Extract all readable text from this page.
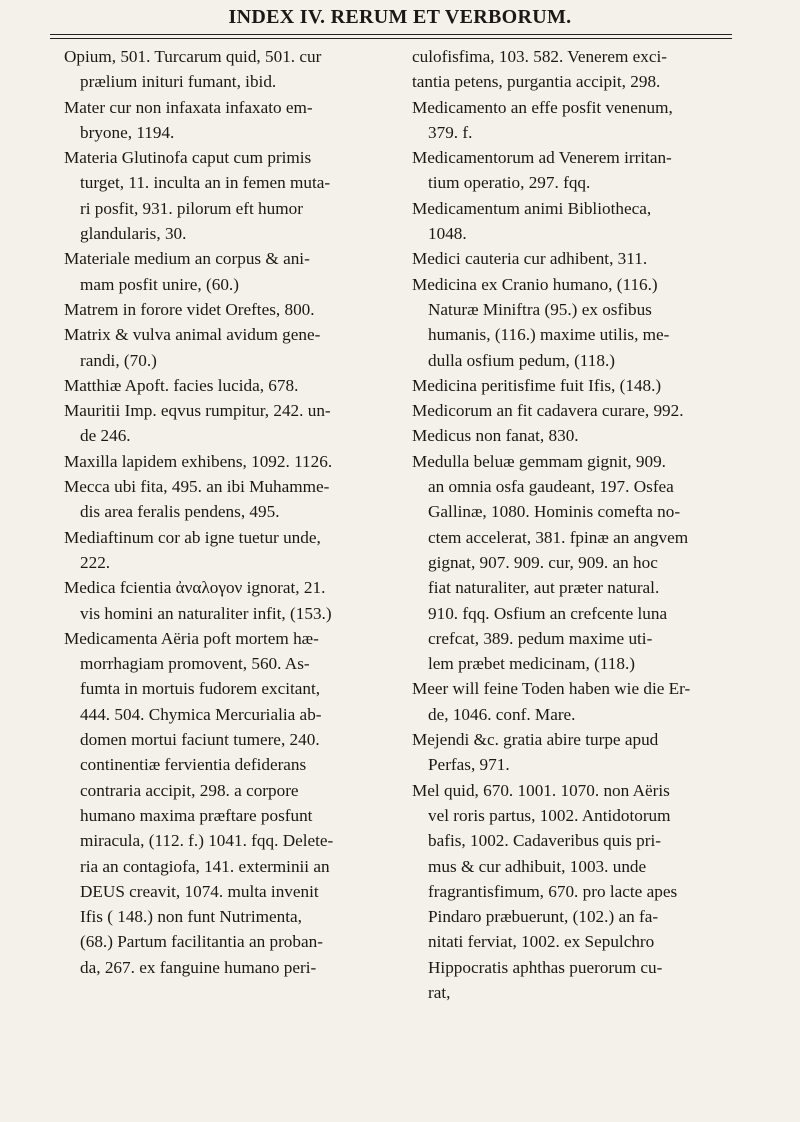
INDEX IV. RERUM ET VERBORUM.
Opium, 501. Turcarum quid, 501. cur
prælium inituri fumant, ibid.
Mater cur non infaxata infaxato em-
bryone, 1194.
Materia Glutinofa caput cum primis
turget, 11. inculta an in femen muta-
ri posfit, 931. pilorum eft humor
glandularis, 30.
Materiale medium an corpus & ani-
mam posfit unire, (60.)
Matrem in forore videt Oreftes, 800.
Matrix & vulva animal avidum gene-
randi, (70.)
Matthiæ Apoft. facies lucida, 678.
Mauritii Imp. eqvus rumpitur, 242. un-
de 246.
Maxilla lapidem exhibens, 1092. 1126.
Mecca ubi fita, 495. an ibi Muhamme-
dis area feralis pendens, 495.
Mediaftinum cor ab igne tuetur unde,
222.
Medica fcientia ἀναλογον ignorat, 21.
vis homini an naturaliter infit, (153.)
Medicamenta Aëria poft mortem hæ-
morrhagiam promovent, 560. As-
fumta in mortuis fudorem excitant,
444. 504. Chymica Mercurialia ab-
domen mortui faciunt tumere, 240.
continentiæ fervientia defiderans
contraria accipit, 298. a corpore
humano maxima præftare posfunt
miracula, (112. f.) 1041. fqq. Delete-
ria an contagiofa, 141. exterminii an
DEUS creavit, 1074. multa invenit
Ifis ( 148.) non funt Nutrimenta,
(68.) Partum facilitantia an proban-
da, 267. ex fanguine humano peri-
culofisfima, 103. 582. Venerem exci-
tantia petens, purgantia accipit, 298.
Medicamento an effe posfit venenum,
379. f.
Medicamentorum ad Venerem irritan-
tium operatio, 297. fqq.
Medicamentum animi Bibliotheca,
1048.
Medici cauteria cur adhibent, 311.
Medicina ex Cranio humano, (116.)
Naturæ Miniftra (95.) ex osfibus
humanis, (116.) maxime utilis, me-
dulla osfium pedum, (118.)
Medicina peritisfime fuit Ifis, (148.)
Medicorum an fit cadavera curare, 992.
Medicus non fanat, 830.
Medulla beluæ gemmam gignit, 909.
an omnia osfa gaudeant, 197. Osfea
Gallinæ, 1080. Hominis comefta no-
ctem accelerat, 381. fpinæ an angvem
gignat, 907. 909. cur, 909. an hoc
fiat naturaliter, aut præter natural.
910. fqq. Osfium an crefcente luna
crefcat, 389. pedum maxime uti-
lem præbet medicinam, (118.)
Meer will feine Toden haben wie die Er-
de, 1046. conf. Mare.
Mejendi &c. gratia abire turpe apud
Perfas, 971.
Mel quid, 670. 1001. 1070. non Aëris
vel roris partus, 1002. Antidotorum
bafis, 1002. Cadaveribus quis pri-
mus & cur adhibuit, 1003. unde
fragrantisfimum, 670. pro lacte apes
Pindaro præbuerunt, (102.) an fa-
nitati ferviat, 1002. ex Sepulchro
Hippocratis aphthas puerorum cu-
rat,
